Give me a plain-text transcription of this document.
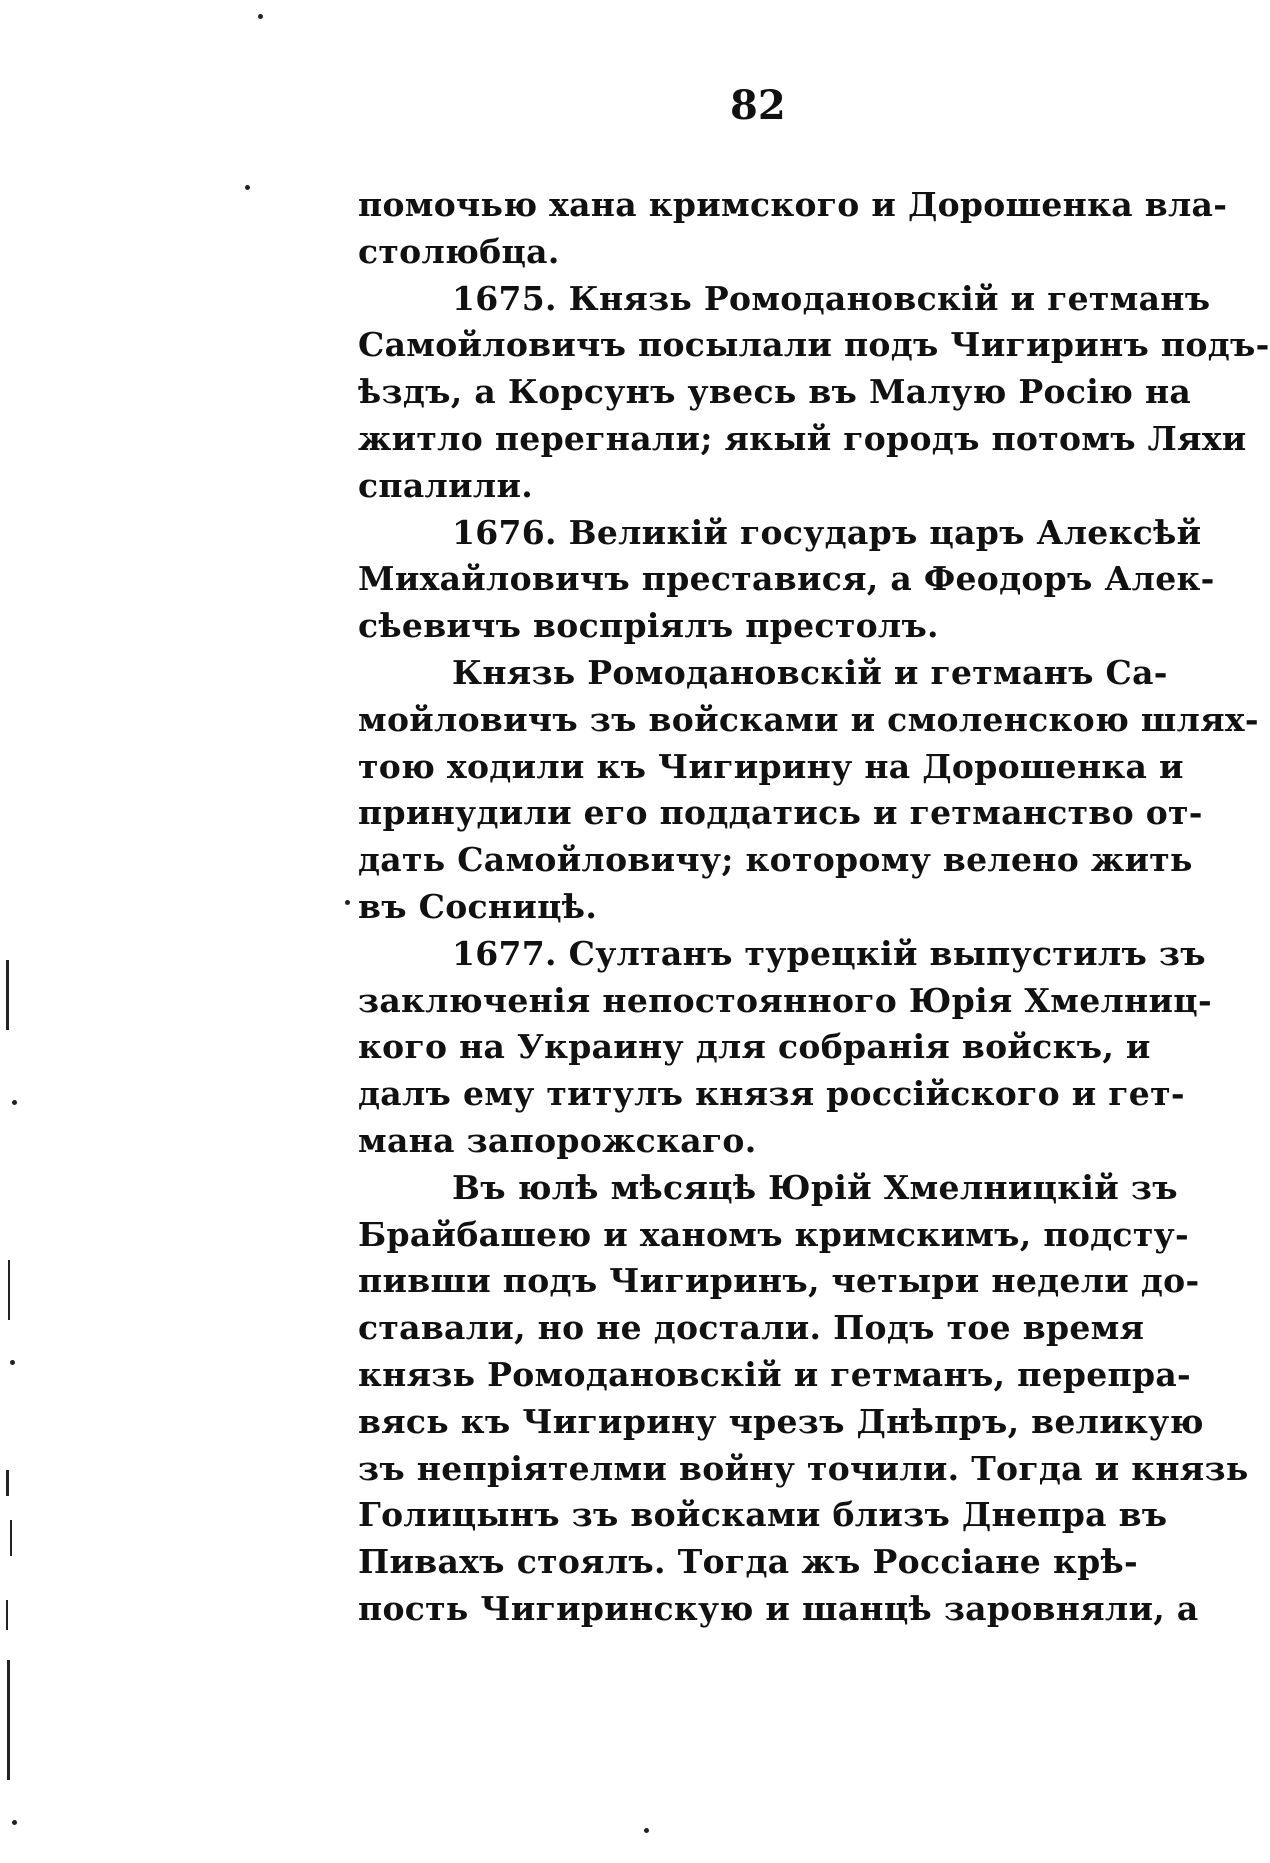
82
помочью хана кримского и Дорошенка вла-
столюбца.
1675. Князь Ромодановскій и гетманъ
Самойловичъ посылали подъ Чигиринъ подъ-
ѣздъ, а Корсунъ увесь въ Малую Росію на
житло перегнали; якый городъ потомъ Ляхи
спалили.
1676. Великій государъ царъ Алексѣй
Михайловичъ преставися, а Феодоръ Алек-
сѣевичъ воспріялъ престолъ.
Князь Ромодановскій и гетманъ Са-
мойловичъ зъ войсками и смоленскою шлях-
тою ходили къ Чигирину на Дорошенка и
принудили его поддатись и гетманство от-
дать Самойловичу; которому велено жить
въ Сосницѣ.
1677. Султанъ турецкій выпустилъ зъ
заключенія непостоянного Юрія Хмелниц-
кого на Украину для собранія войскъ, и
далъ ему титулъ князя россійского и гет-
мана запорожскаго.
Въ юлѣ мѣсяцѣ Юрій Хмелницкій зъ
Брайбашею и ханомъ кримскимъ, подсту-
пивши подъ Чигиринъ, четыри недели до-
ставали, но не достали. Подъ тое время
князь Ромодановскій и гетманъ, перепра-
вясь къ Чигирину чрезъ Днѣпръ, великую
зъ непріятелми войну точили. Тогда и князь
Голицынъ зъ войсками близъ Днепра въ
Пивахъ стоялъ. Тогда жъ Россіане крѣ-
пость Чигиринскую и шанцѣ заровняли, а
